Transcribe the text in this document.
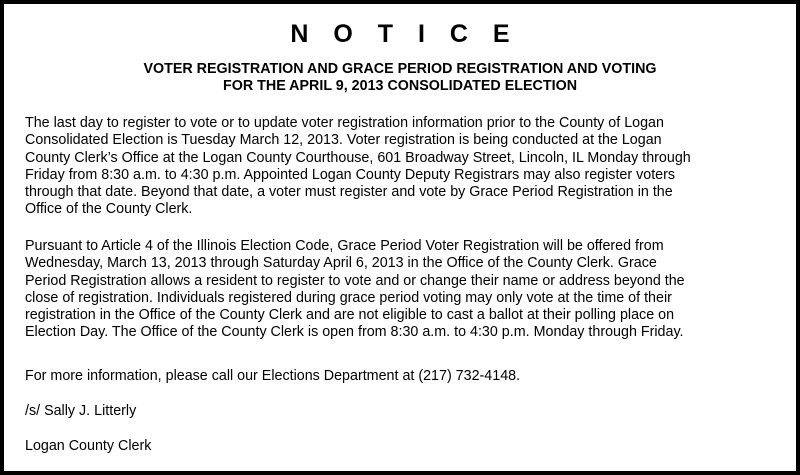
N O T I C E
VOTER REGISTRATION AND GRACE PERIOD REGISTRATION AND VOTING
FOR THE APRIL 9, 2013 CONSOLIDATED ELECTION

The last day to register to vote or to update voter registration information prior to the County of Logan
Consolidated Election is Tuesday March 12, 2013. Voter registration is being conducted at the Logan
County Clerk’s Office at the Logan County Courthouse, 601 Broadway Street, Lincoln, IL Monday through
Friday from 8:30 a.m. to 4:30 p.m. Appointed Logan County Deputy Registrars may also register voters
through that date. Beyond that date, a voter must register and vote by Grace Period Registration in the
Office of the County Clerk.

Pursuant to Article 4 of the Illinois Election Code, Grace Period Voter Registration will be offered from
Wednesday, March 13, 2013 through Saturday April 6, 2013 in the Office of the County Clerk. Grace
Period Registration allows a resident to register to vote and or change their name or address beyond the
close of registration. Individuals registered during grace period voting may only vote at the time of their
registration in the Office of the County Clerk and are not eligible to cast a ballot at their polling place on
Election Day. The Office of the County Clerk is open from 8:30 a.m. to 4:30 p.m. Monday through Friday.

For more information, please call our Elections Department at (217) 732-4148.

/s/ Sally J. Litterly

Logan County Clerk
